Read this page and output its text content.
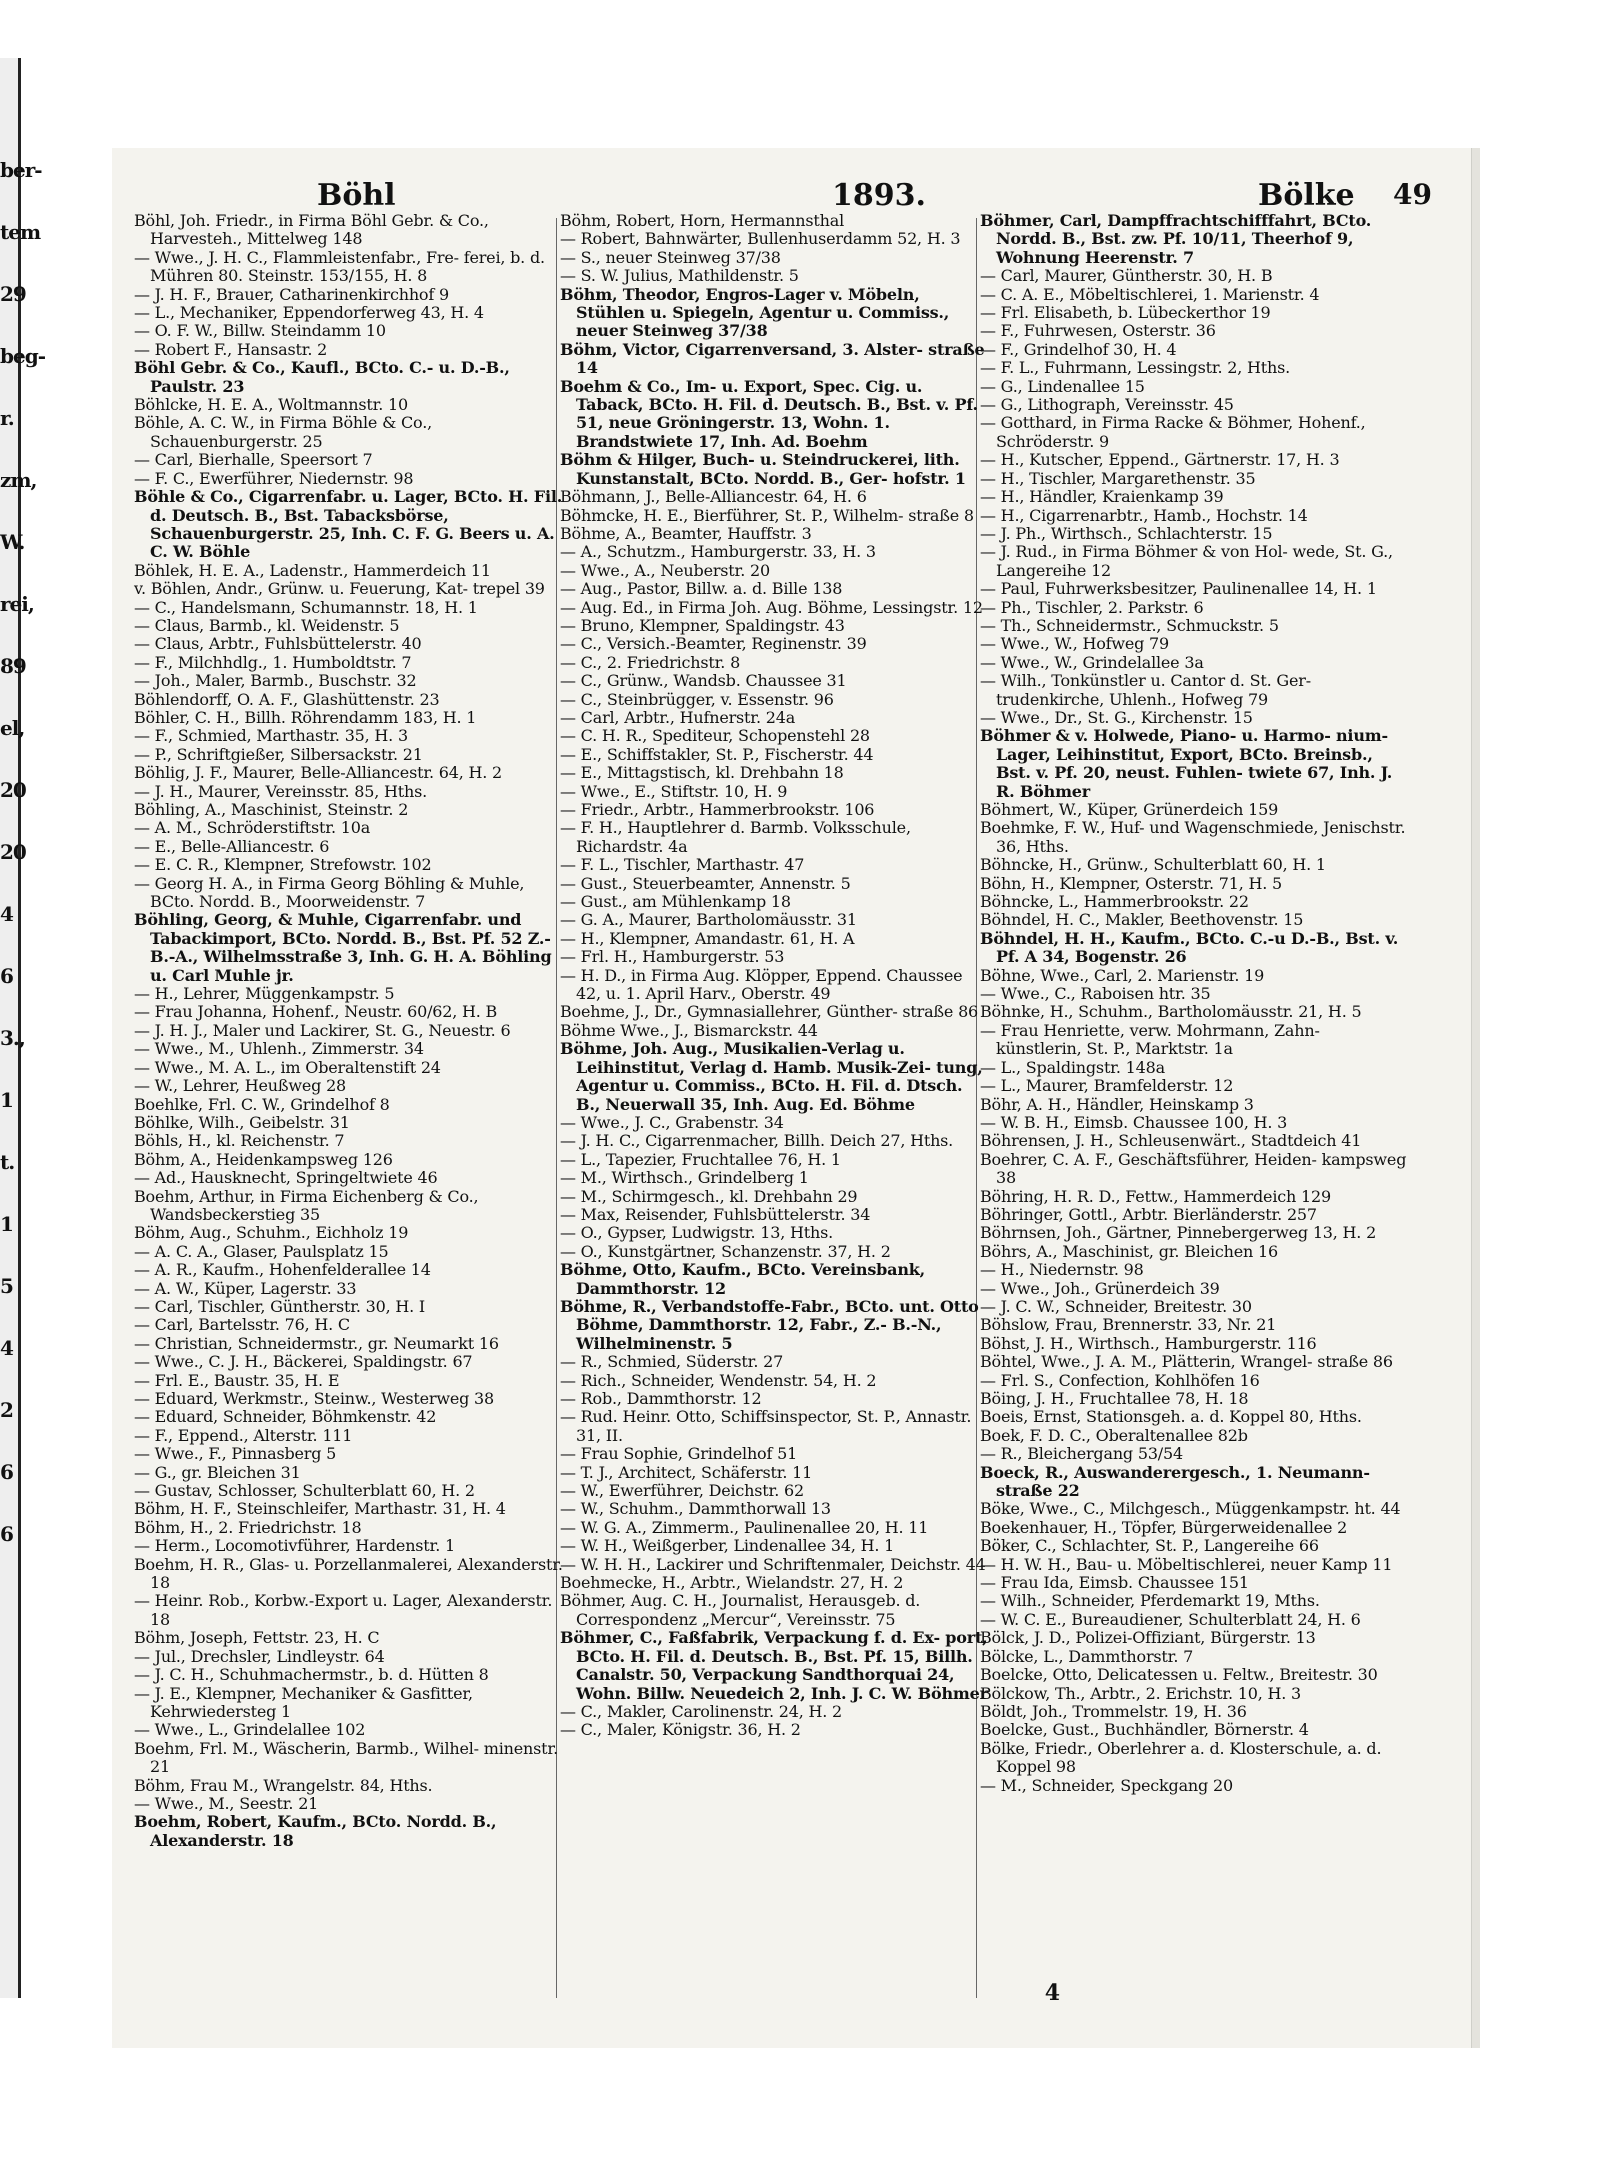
ber-
tem
29
beg-
r.
zm,
W.
rei,
89
el,
20
20
4
6
3.,
1
t.
1
5
4
2
6
6
Böhl	1893.	Bölke 49

Böhl, Joh. Friedr., in Firma Böhl Gebr. & Co., Harvesteh., Mittelweg 148

— Wwe., J. H. C., Flammleistenfabr., Fre- ferei, b. d. Mühren 80. Steinstr. 153/155, H. 8

— J. H. F., Brauer, Catharinenkirchhof 9

— L., Mechaniker, Eppendorferweg 43, H. 4

— O. F. W., Billw. Steindamm 10

— Robert F., Hansastr. 2

Böhl Gebr. & Co., Kaufl., BCto. C.- u. D.-B., Paulstr. 23

Böhlcke, H. E. A., Woltmannstr. 10

Böhle, A. C. W., in Firma Böhle & Co., Schauenburgerstr. 25

— Carl, Bierhalle, Speersort 7

— F. C., Ewerführer, Niedernstr. 98

Böhle & Co., Cigarrenfabr. u. Lager, BCto. H. Fil. d. Deutsch. B., Bst. Tabacksbörse, Schauenburgerstr. 25, Inh. C. F. G. Beers u. A. C. W. Böhle

Böhlek, H. E. A., Ladenstr., Hammerdeich 11

v. Böhlen, Andr., Grünw. u. Feuerung, Kat- trepel 39

— C., Handelsmann, Schumannstr. 18, H. 1

— Claus, Barmb., kl. Weidenstr. 5

— Claus, Arbtr., Fuhlsbüttelerstr. 40

— F., Milchhdlg., 1. Humboldtstr. 7

— Joh., Maler, Barmb., Buschstr. 32

Böhlendorff, O. A. F., Glashüttenstr. 23

Böhler, C. H., Billh. Röhrendamm 183, H. 1

— F., Schmied, Marthastr. 35, H. 3

— P., Schriftgießer, Silbersackstr. 21

Böhlig, J. F., Maurer, Belle-Alliancestr. 64, H. 2

— J. H., Maurer, Vereinsstr. 85, Hths.

Böhling, A., Maschinist, Steinstr. 2

— A. M., Schröderstiftstr. 10a

— E., Belle-Alliancestr. 6

— E. C. R., Klempner, Strefowstr. 102

— Georg H. A., in Firma Georg Böhling & Muhle, BCto. Nordd. B., Moorweidenstr. 7

Böhling, Georg, & Muhle, Cigarrenfabr. und Tabackimport, BCto. Nordd. B., Bst. Pf. 52 Z.-B.-A., Wilhelmsstraße 3, Inh. G. H. A. Böhling u. Carl Muhle jr.

— H., Lehrer, Müggenkampstr. 5

— Frau Johanna, Hohenf., Neustr. 60/62, H. B

— J. H. J., Maler und Lackirer, St. G., Neuestr. 6

— Wwe., M., Uhlenh., Zimmerstr. 34

— Wwe., M. A. L., im Oberaltenstift 24

— W., Lehrer, Heußweg 28

Boehlke, Frl. C. W., Grindelhof 8

Böhlke, Wilh., Geibelstr. 31

Böhls, H., kl. Reichenstr. 7

Böhm, A., Heidenkampsweg 126

— Ad., Hausknecht, Springeltwiete 46

Boehm, Arthur, in Firma Eichenberg & Co., Wandsbeckerstieg 35

Böhm, Aug., Schuhm., Eichholz 19

— A. C. A., Glaser, Paulsplatz 15

— A. R., Kaufm., Hohenfelderallee 14

— A. W., Küper, Lagerstr. 33

— Carl, Tischler, Güntherstr. 30, H. I

— Carl, Bartelsstr. 76, H. C

— Christian, Schneidermstr., gr. Neumarkt 16

— Wwe., C. J. H., Bäckerei, Spaldingstr. 67

— Frl. E., Baustr. 35, H. E

— Eduard, Werkmstr., Steinw., Westerweg 38

— Eduard, Schneider, Böhmkenstr. 42

— F., Eppend., Alterstr. 111

— Wwe., F., Pinnasberg 5

— G., gr. Bleichen 31

— Gustav, Schlosser, Schulterblatt 60, H. 2

Böhm, H. F., Steinschleifer, Marthastr. 31, H. 4

Böhm, H., 2. Friedrichstr. 18

— Herm., Locomotivführer, Hardenstr. 1

Boehm, H. R., Glas- u. Porzellanmalerei, Alexanderstr. 18

— Heinr. Rob., Korbw.-Export u. Lager, Alexanderstr. 18

Böhm, Joseph, Fettstr. 23, H. C

— Jul., Drechsler, Lindleystr. 64

— J. C. H., Schuhmachermstr., b. d. Hütten 8

— J. E., Klempner, Mechaniker & Gasfitter, Kehrwiedersteg 1

— Wwe., L., Grindelallee 102

Boehm, Frl. M., Wäscherin, Barmb., Wilhel- minenstr. 21

Böhm, Frau M., Wrangelstr. 84, Hths.

— Wwe., M., Seestr. 21

Boehm, Robert, Kaufm., BCto. Nordd. B., Alexanderstr. 18

Böhm, Robert, Horn, Hermannsthal

— Robert, Bahnwärter, Bullenhuserdamm 52, H. 3

— S., neuer Steinweg 37/38

— S. W. Julius, Mathildenstr. 5

Böhm, Theodor, Engros-Lager v. Möbeln, Stühlen u. Spiegeln, Agentur u. Commiss., neuer Steinweg 37/38

Böhm, Victor, Cigarrenversand, 3. Alster- straße 14

Boehm & Co., Im- u. Export, Spec. Cig. u. Taback, BCto. H. Fil. d. Deutsch. B., Bst. v. Pf. 51, neue Gröningerstr. 13, Wohn. 1. Brandstwiete 17, Inh. Ad. Boehm

Böhm & Hilger, Buch- u. Steindruckerei, lith. Kunstanstalt, BCto. Nordd. B., Ger- hofstr. 1

Böhmann, J., Belle-Alliancestr. 64, H. 6

Böhmcke, H. E., Bierführer, St. P., Wilhelm- straße 8

Böhme, A., Beamter, Hauffstr. 3

— A., Schutzm., Hamburgerstr. 33, H. 3

— Wwe., A., Neuberstr. 20

— Aug., Pastor, Billw. a. d. Bille 138

— Aug. Ed., in Firma Joh. Aug. Böhme, Lessingstr. 12

— Bruno, Klempner, Spaldingstr. 43

— C., Versich.-Beamter, Reginenstr. 39

— C., 2. Friedrichstr. 8

— C., Grünw., Wandsb. Chaussee 31

— C., Steinbrügger, v. Essenstr. 96

— Carl, Arbtr., Hufnerstr. 24a

— C. H. R., Spediteur, Schopenstehl 28

— E., Schiffstakler, St. P., Fischerstr. 44

— E., Mittagstisch, kl. Drehbahn 18

— Wwe., E., Stiftstr. 10, H. 9

— Friedr., Arbtr., Hammerbrookstr. 106

— F. H., Hauptlehrer d. Barmb. Volksschule, Richardstr. 4a

— F. L., Tischler, Marthastr. 47

— Gust., Steuerbeamter, Annenstr. 5

— Gust., am Mühlenkamp 18

— G. A., Maurer, Bartholomäusstr. 31

— H., Klempner, Amandastr. 61, H. A

— Frl. H., Hamburgerstr. 53

— H. D., in Firma Aug. Klöpper, Eppend. Chaussee 42, u. 1. April Harv., Oberstr. 49

Boehme, J., Dr., Gymnasiallehrer, Günther- straße 86

Böhme Wwe., J., Bismarckstr. 44

Böhme, Joh. Aug., Musikalien-Verlag u. Leihinstitut, Verlag d. Hamb. Musik-Zei- tung, Agentur u. Commiss., BCto. H. Fil. d. Dtsch. B., Neuerwall 35, Inh. Aug. Ed. Böhme

— Wwe., J. C., Grabenstr. 34

— J. H. C., Cigarrenmacher, Billh. Deich 27, Hths.

— L., Tapezier, Fruchtallee 76, H. 1

— M., Wirthsch., Grindelberg 1

— M., Schirmgesch., kl. Drehbahn 29

— Max, Reisender, Fuhlsbüttelerstr. 34

— O., Gypser, Ludwigstr. 13, Hths.

— O., Kunstgärtner, Schanzenstr. 37, H. 2

Böhme, Otto, Kaufm., BCto. Vereinsbank, Dammthorstr. 12

Böhme, R., Verbandstoffe-Fabr., BCto. unt. Otto Böhme, Dammthorstr. 12, Fabr., Z.- B.-N., Wilhelminenstr. 5

— R., Schmied, Süderstr. 27

— Rich., Schneider, Wendenstr. 54, H. 2

— Rob., Dammthorstr. 12

— Rud. Heinr. Otto, Schiffsinspector, St. P., Annastr. 31, II.

— Frau Sophie, Grindelhof 51

— T. J., Architect, Schäferstr. 11

— W., Ewerführer, Deichstr. 62

— W., Schuhm., Dammthorwall 13

— W. G. A., Zimmerm., Paulinenallee 20, H. 11

— W. H., Weißgerber, Lindenallee 34, H. 1

— W. H. H., Lackirer und Schriftenmaler, Deichstr. 44

Boehmecke, H., Arbtr., Wielandstr. 27, H. 2

Böhmer, Aug. C. H., Journalist, Herausgeb. d. Correspondenz „Mercur“, Vereinsstr. 75

Böhmer, C., Faßfabrik, Verpackung f. d. Ex- port, BCto. H. Fil. d. Deutsch. B., Bst. Pf. 15, Billh. Canalstr. 50, Verpackung Sandthorquai 24, Wohn. Billw. Neuedeich 2, Inh. J. C. W. Böhmer

— C., Makler, Carolinenstr. 24, H. 2

— C., Maler, Königstr. 36, H. 2

Böhmer, Carl, Dampffrachtschifffahrt, BCto. Nordd. B., Bst. zw. Pf. 10/11, Theerhof 9, Wohnung Heerenstr. 7

— Carl, Maurer, Güntherstr. 30, H. B

— C. A. E., Möbeltischlerei, 1. Marienstr. 4

— Frl. Elisabeth, b. Lübeckerthor 19

— F., Fuhrwesen, Osterstr. 36

— F., Grindelhof 30, H. 4

— F. L., Fuhrmann, Lessingstr. 2, Hths.

— G., Lindenallee 15

— G., Lithograph, Vereinsstr. 45

— Gotthard, in Firma Racke & Böhmer, Hohenf., Schröderstr. 9

— H., Kutscher, Eppend., Gärtnerstr. 17, H. 3

— H., Tischler, Margarethenstr. 35

— H., Händler, Kraienkamp 39

— H., Cigarrenarbtr., Hamb., Hochstr. 14

— J. Ph., Wirthsch., Schlachterstr. 15

— J. Rud., in Firma Böhmer & von Hol- wede, St. G., Langereihe 12

— Paul, Fuhrwerksbesitzer, Paulinenallee 14, H. 1

— Ph., Tischler, 2. Parkstr. 6

— Th., Schneidermstr., Schmuckstr. 5

— Wwe., W., Hofweg 79

— Wwe., W., Grindelallee 3a

— Wilh., Tonkünstler u. Cantor d. St. Ger- trudenkirche, Uhlenh., Hofweg 79

— Wwe., Dr., St. G., Kirchenstr. 15

Böhmer & v. Holwede, Piano- u. Harmo- nium-Lager, Leihinstitut, Export, BCto. Breinsb., Bst. v. Pf. 20, neust. Fuhlen- twiete 67, Inh. J. R. Böhmer

Böhmert, W., Küper, Grünerdeich 159

Boehmke, F. W., Huf- und Wagenschmiede, Jenischstr. 36, Hths.

Böhncke, H., Grünw., Schulterblatt 60, H. 1

Böhn, H., Klempner, Osterstr. 71, H. 5

Böhncke, L., Hammerbrookstr. 22

Böhndel, H. C., Makler, Beethovenstr. 15

Böhndel, H. H., Kaufm., BCto. C.-u D.-B., Bst. v. Pf. A 34, Bogenstr. 26

Böhne, Wwe., Carl, 2. Marienstr. 19

— Wwe., C., Raboisen htr. 35

Böhnke, H., Schuhm., Bartholomäusstr. 21, H. 5

— Frau Henriette, verw. Mohrmann, Zahn- künstlerin, St. P., Marktstr. 1a

— L., Spaldingstr. 148a

— L., Maurer, Bramfelderstr. 12

Böhr, A. H., Händler, Heinskamp 3

— W. B. H., Eimsb. Chaussee 100, H. 3

Böhrensen, J. H., Schleusenwärt., Stadtdeich 41

Boehrer, C. A. F., Geschäftsführer, Heiden- kampsweg 38

Böhring, H. R. D., Fettw., Hammerdeich 129

Böhringer, Gottl., Arbtr. Bierländerstr. 257

Böhrnsen, Joh., Gärtner, Pinnebergerweg 13, H. 2

Böhrs, A., Maschinist, gr. Bleichen 16

— H., Niedernstr. 98

— Wwe., Joh., Grünerdeich 39

— J. C. W., Schneider, Breitestr. 30

Böhslow, Frau, Brennerstr. 33, Nr. 21

Böhst, J. H., Wirthsch., Hamburgerstr. 116

Böhtel, Wwe., J. A. M., Plätterin, Wrangel- straße 86

— Frl. S., Confection, Kohlhöfen 16

Böing, J. H., Fruchtallee 78, H. 18

Boeis, Ernst, Stationsgeh. a. d. Koppel 80, Hths.

Boek, F. D. C., Oberaltenallee 82b

— R., Bleichergang 53/54

Boeck, R., Auswanderergesch., 1. Neumann- straße 22

Böke, Wwe., C., Milchgesch., Müggenkampstr. ht. 44

Boekenhauer, H., Töpfer, Bürgerweidenallee 2

Böker, C., Schlachter, St. P., Langereihe 66

— H. W. H., Bau- u. Möbeltischlerei, neuer Kamp 11

— Frau Ida, Eimsb. Chaussee 151

— Wilh., Schneider, Pferdemarkt 19, Mths.

— W. C. E., Bureaudiener, Schulterblatt 24, H. 6

Bölck, J. D., Polizei-Offiziant, Bürgerstr. 13

Bölcke, L., Dammthorstr. 7

Boelcke, Otto, Delicatessen u. Feltw., Breitestr. 30

Bölckow, Th., Arbtr., 2. Erichstr. 10, H. 3

Böldt, Joh., Trommelstr. 19, H. 36

Boelcke, Gust., Buchhändler, Börnerstr. 4

Bölke, Friedr., Oberlehrer a. d. Klosterschule, a. d. Koppel 98

— M., Schneider, Speckgang 20

4
